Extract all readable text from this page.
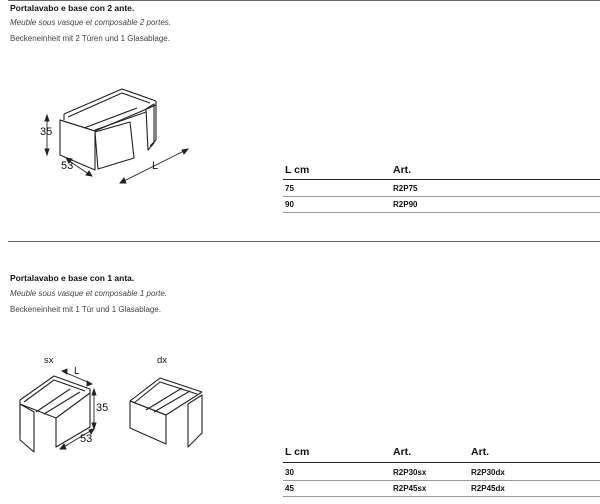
Portalavabo e base con 2 ante.
Meuble sous vasque et composable 2 portes.
Beckeneinheit mit 2 Türen und 1 Glasablage.
35
53	L	L cm	Art.
75	R2P75
90	R2P90
Portalavabo e base con 1 anta.
Meuble sous vasque et composable 1 porte.
Beckeneinheit mit 1 Tür und 1 Glasablage.
sx	dx
L
35
53
L cm	Art.	Art.
30	R2P30sx	R2P30dx
45	R2P45sx	R2P45dx
